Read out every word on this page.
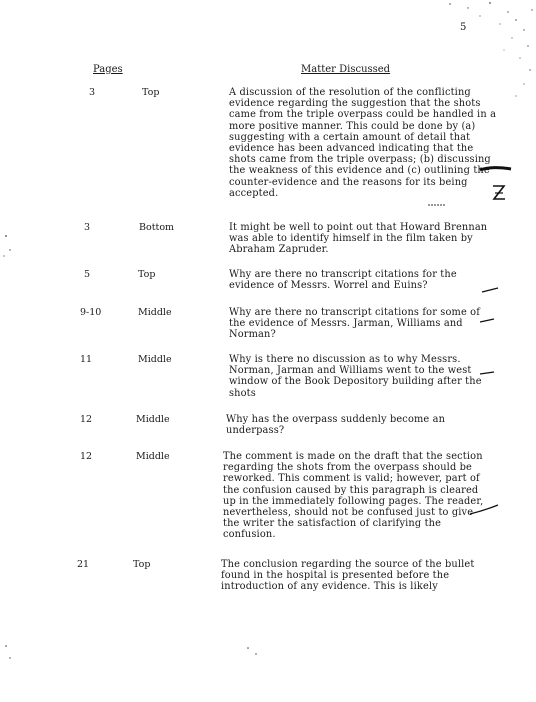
5
Pages	Matter Discussed
3	Top	A discussion of the resolution of the conflicting evidence regarding the suggestion that the shots came from the triple overpass could be handled in a more positive manner. This could be done by (a) suggesting with a certain amount of detail that evidence has been advanced indicating that the shots came from the triple overpass; (b) discussing the weakness of this evidence and (c) outlining the counter-evidence and the reasons for its being accepted.
3	Bottom	It might be well to point out that Howard Brennan was able to identify himself in the film taken by Abraham Zapruder.
5	Top	Why are there no transcript citations for the evidence of Messrs. Worrel and Euins?
9-10	Middle	Why are there no transcript citations for some of the evidence of Messrs. Jarman, Williams and Norman?
11	Middle	Why is there no discussion as to why Messrs. Norman, Jarman and Williams went to the west window of the Book Depository building after the shots
12	Middle	Why has the overpass suddenly become an underpass?
12	Middle	The comment is made on the draft that the section regarding the shots from the overpass should be reworked. This comment is valid; however, part of the confusion caused by this paragraph is cleared up in the immediately following pages. The reader, nevertheless, should not be confused just to give the writer the satisfaction of clarifying the confusion.
21	Top	The conclusion regarding the source of the bullet found in the hospital is presented before the introduction of any evidence. This is likely
